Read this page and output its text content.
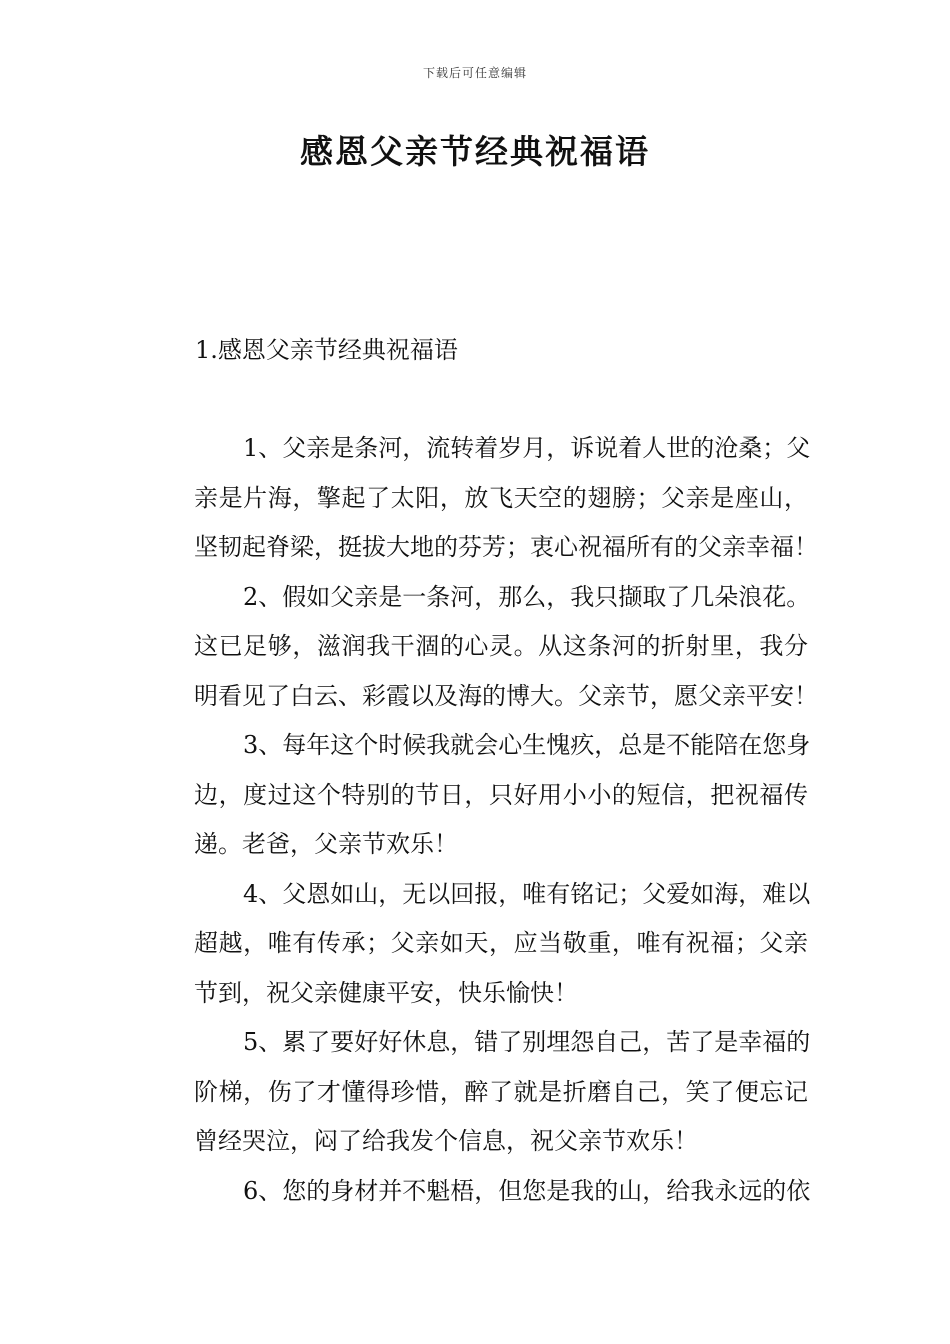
下载后可任意编辑
感恩父亲节经典祝福语
1.感恩父亲节经典祝福语
1、父亲是条河，流转着岁月，诉说着人世的沧桑；父
亲是片海，擎起了太阳，放飞天空的翅膀；父亲是座山，
坚韧起脊梁，挺拔大地的芬芳；衷心祝福所有的父亲幸福！
2、假如父亲是一条河，那么，我只撷取了几朵浪花。
这已足够，滋润我干涸的心灵。从这条河的折射里，我分
明看见了白云、彩霞以及海的博大。父亲节，愿父亲平安！
3、每年这个时候我就会心生愧疚，总是不能陪在您身
边，度过这个特别的节日，只好用小小的短信，把祝福传
递。老爸，父亲节欢乐！
4、父恩如山，无以回报，唯有铭记；父爱如海，难以
超越，唯有传承；父亲如天，应当敬重，唯有祝福；父亲
节到，祝父亲健康平安，快乐愉快！
5、累了要好好休息，错了别埋怨自己，苦了是幸福的
阶梯，伤了才懂得珍惜，醉了就是折磨自己，笑了便忘记
曾经哭泣，闷了给我发个信息，祝父亲节欢乐！
6、您的身材并不魁梧，但您是我的山，给我永远的依
